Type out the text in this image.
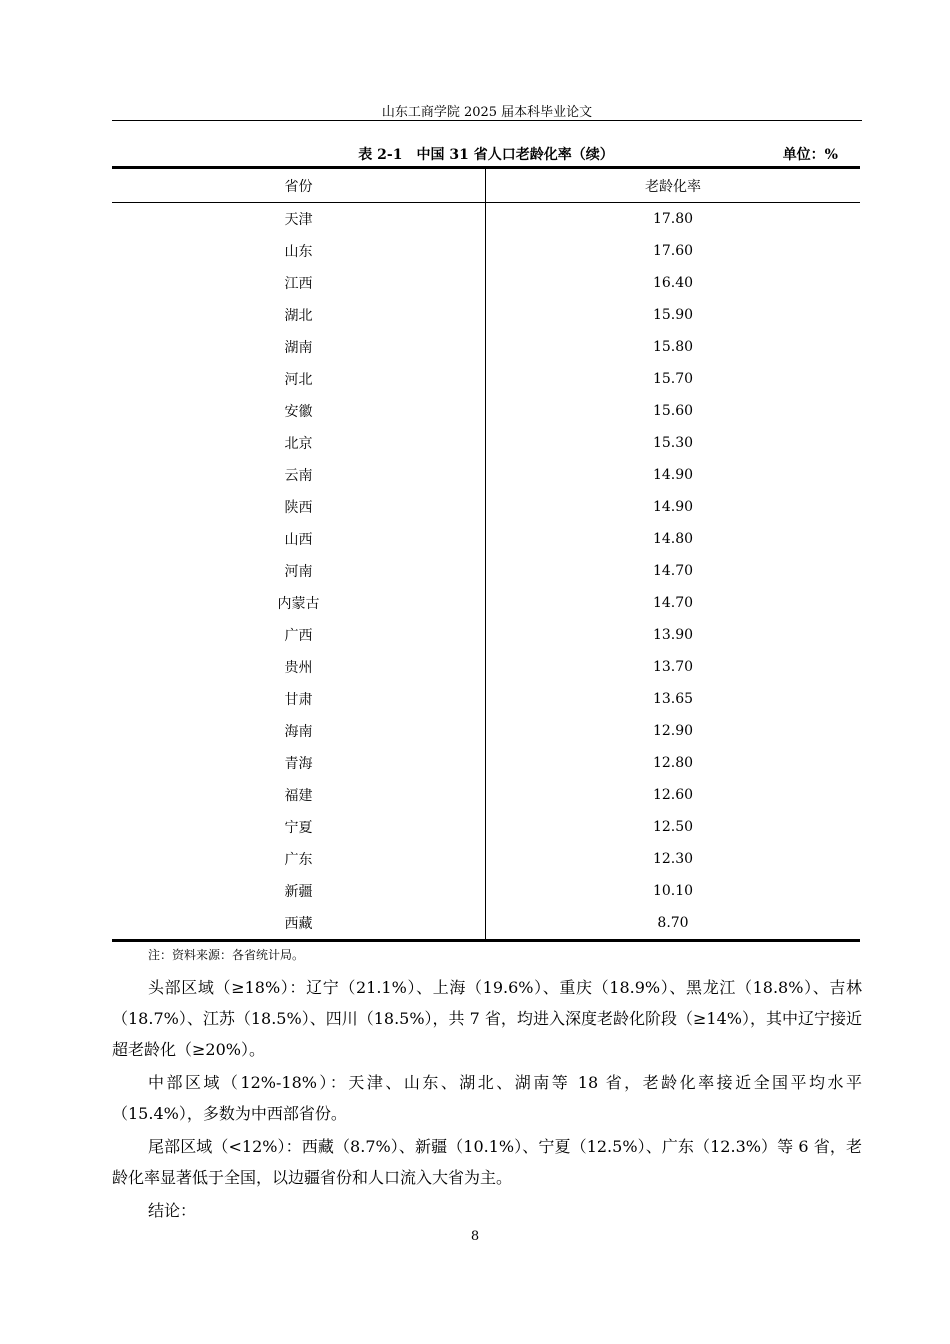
山东工商学院 2025 届本科毕业论文
表 2-1　中国 31 省人口老龄化率（续）	单位：%
省份	老龄化率
天津	17.80
山东	17.60
江西	16.40
湖北	15.90
湖南	15.80
河北	15.70
安徽	15.60
北京	15.30
云南	14.90
陕西	14.90
山西	14.80
河南	14.70
内蒙古	14.70
广西	13.90
贵州	13.70
甘肃	13.65
海南	12.90
青海	12.80
福建	12.60
宁夏	12.50
广东	12.30
新疆	10.10
西藏	8.70
注：资料来源：各省统计局。

头部区域（≥18%）：辽宁（21.1%）、上海（19.6%）、重庆（18.9%）、黑龙江（18.8%）、吉林（18.7%）、江苏（18.5%）、四川（18.5%），共 7 省，均进入深度老龄化阶段（≥14%），其中辽宁接近超老龄化（≥20%）。

中部区域（12%-18%）：天津、山东、湖北、湖南等 18 省，老龄化率接近全国平均水平（15.4%），多数为中西部省份。

尾部区域（<12%）：西藏（8.7%）、新疆（10.1%）、宁夏（12.5%）、广东（12.3%）等 6 省，老龄化率显著低于全国，以边疆省份和人口流入大省为主。

结论：

8
